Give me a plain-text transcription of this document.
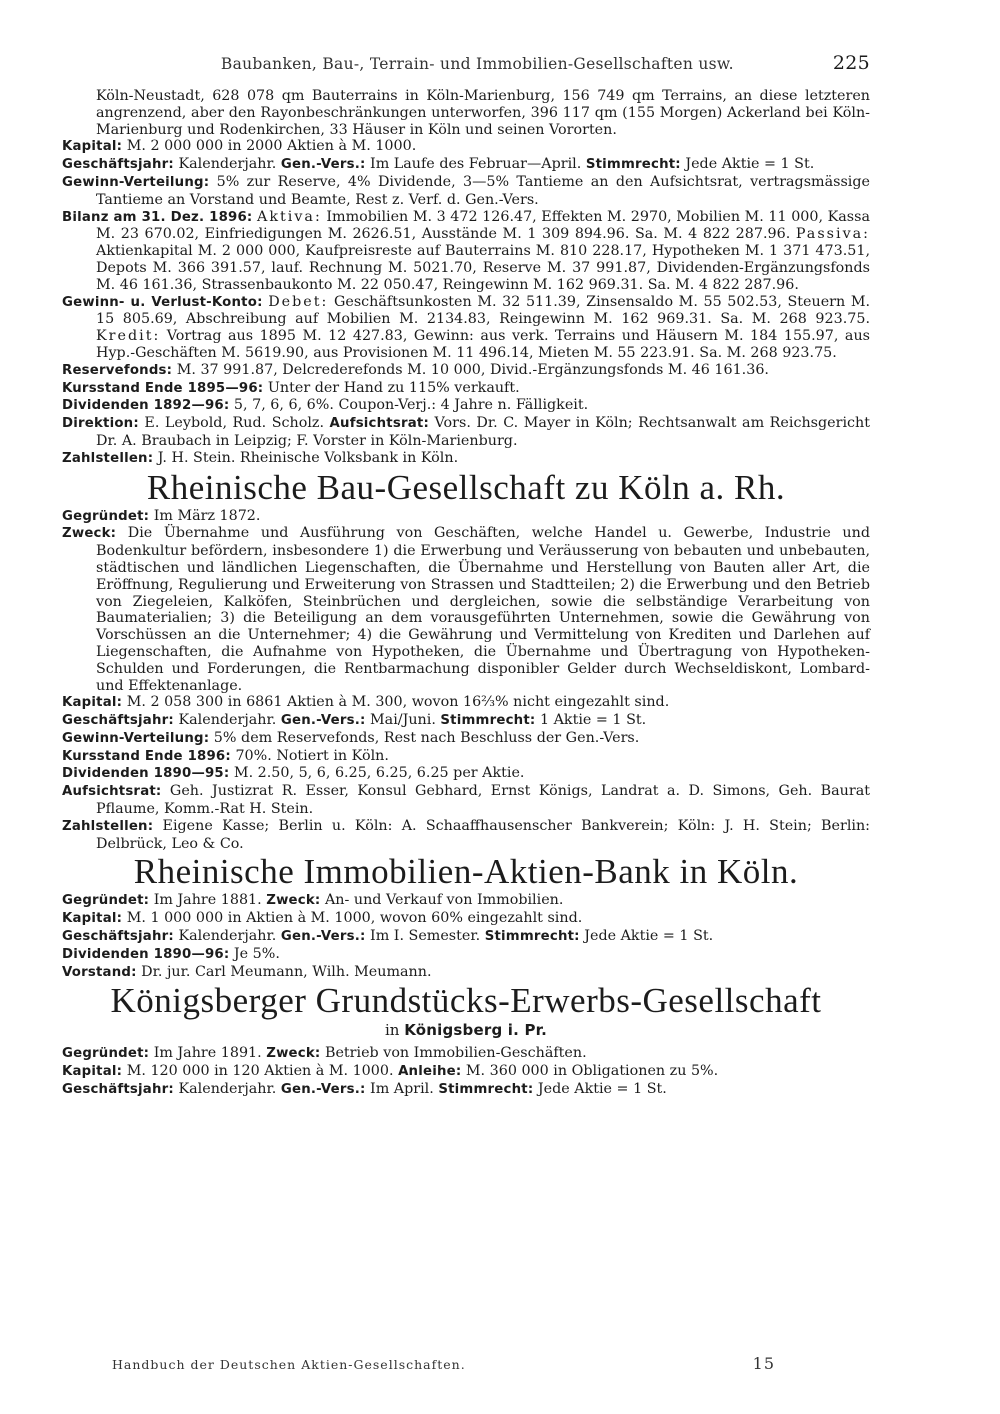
Baubanken, Bau-, Terrain- und Immobilien-Gesellschaften usw.	225

Köln-Neustadt, 628 078 qm Bauterrains in Köln-Marienburg, 156 749 qm Terrains, an diese letzteren angrenzend, aber den Rayonbeschränkungen unterworfen, 396 117 qm (155 Morgen) Ackerland bei Köln-Marienburg und Rodenkirchen, 33 Häuser in Köln und seinen Vororten.

Kapital: M. 2 000 000 in 2000 Aktien à M. 1000.

Geschäftsjahr: Kalenderjahr. Gen.-Vers.: Im Laufe des Februar—April. Stimmrecht: Jede Aktie = 1 St.

Gewinn-Verteilung: 5% zur Reserve, 4% Dividende, 3—5% Tantieme an den Aufsichtsrat, vertragsmässige Tantieme an Vorstand und Beamte, Rest z. Verf. d. Gen.-Vers.

Bilanz am 31. Dez. 1896: Aktiva: Immobilien M. 3 472 126.47, Effekten M. 2970, Mobilien M. 11 000, Kassa M. 23 670.02, Einfriedigungen M. 2626.51, Ausstände M. 1 309 894.96. Sa. M. 4 822 287.96. Passiva: Aktienkapital M. 2 000 000, Kaufpreisreste auf Bauterrains M. 810 228.17, Hypotheken M. 1 371 473.51, Depots M. 366 391.57, lauf. Rechnung M. 5021.70, Reserve M. 37 991.87, Dividenden-Ergänzungsfonds M. 46 161.36, Strassenbaukonto M. 22 050.47, Reingewinn M. 162 969.31. Sa. M. 4 822 287.96.

Gewinn- u. Verlust-Konto: Debet: Geschäftsunkosten M. 32 511.39, Zinsensaldo M. 55 502.53, Steuern M. 15 805.69, Abschreibung auf Mobilien M. 2134.83, Reingewinn M. 162 969.31. Sa. M. 268 923.75. Kredit: Vortrag aus 1895 M. 12 427.83, Gewinn: aus verk. Terrains und Häusern M. 184 155.97, aus Hyp.-Geschäften M. 5619.90, aus Provisionen M. 11 496.14, Mieten M. 55 223.91. Sa. M. 268 923.75.

Reservefonds: M. 37 991.87, Delcrederefonds M. 10 000, Divid.-Ergänzungsfonds M. 46 161.36.

Kursstand Ende 1895—96: Unter der Hand zu 115% verkauft.

Dividenden 1892—96: 5, 7, 6, 6, 6%. Coupon-Verj.: 4 Jahre n. Fälligkeit.

Direktion: E. Leybold, Rud. Scholz. Aufsichtsrat: Vors. Dr. C. Mayer in Köln; Rechtsanwalt am Reichsgericht Dr. A. Braubach in Leipzig; F. Vorster in Köln-Marienburg.

Zahlstellen: J. H. Stein. Rheinische Volksbank in Köln.

Rheinische Bau-Gesellschaft zu Köln a. Rh.

Gegründet: Im März 1872.

Zweck: Die Übernahme und Ausführung von Geschäften, welche Handel u. Gewerbe, Industrie und Bodenkultur befördern, insbesondere 1) die Erwerbung und Veräusserung von bebauten und unbebauten, städtischen und ländlichen Liegenschaften, die Übernahme und Herstellung von Bauten aller Art, die Eröffnung, Regulierung und Erweiterung von Strassen und Stadtteilen; 2) die Erwerbung und den Betrieb von Ziegeleien, Kalköfen, Steinbrüchen und dergleichen, sowie die selbständige Verarbeitung von Baumaterialien; 3) die Beteiligung an dem vorausgeführten Unternehmen, sowie die Gewährung von Vorschüssen an die Unternehmer; 4) die Gewährung und Vermittelung von Krediten und Darlehen auf Liegenschaften, die Aufnahme von Hypotheken, die Übernahme und Übertragung von Hypotheken-Schulden und Forderungen, die Rentbarmachung disponibler Gelder durch Wechseldiskont, Lombard- und Effektenanlage.

Kapital: M. 2 058 300 in 6861 Aktien à M. 300, wovon 16⅔% nicht eingezahlt sind.

Geschäftsjahr: Kalenderjahr. Gen.-Vers.: Mai/Juni. Stimmrecht: 1 Aktie = 1 St.

Gewinn-Verteilung: 5% dem Reservefonds, Rest nach Beschluss der Gen.-Vers.

Kursstand Ende 1896: 70%. Notiert in Köln.

Dividenden 1890—95: M. 2.50, 5, 6, 6.25, 6.25, 6.25 per Aktie.

Aufsichtsrat: Geh. Justizrat R. Esser, Konsul Gebhard, Ernst Königs, Landrat a. D. Simons, Geh. Baurat Pflaume, Komm.-Rat H. Stein.

Zahlstellen: Eigene Kasse; Berlin u. Köln: A. Schaaffhausenscher Bankverein; Köln: J. H. Stein; Berlin: Delbrück, Leo & Co.

Rheinische Immobilien-Aktien-Bank in Köln.

Gegründet: Im Jahre 1881. Zweck: An- und Verkauf von Immobilien.

Kapital: M. 1 000 000 in Aktien à M. 1000, wovon 60% eingezahlt sind.

Geschäftsjahr: Kalenderjahr. Gen.-Vers.: Im I. Semester. Stimmrecht: Jede Aktie = 1 St.

Dividenden 1890—96: Je 5%.

Vorstand: Dr. jur. Carl Meumann, Wilh. Meumann.

Königsberger Grundstücks-Erwerbs-Gesellschaft

in Königsberg i. Pr.

Gegründet: Im Jahre 1891. Zweck: Betrieb von Immobilien-Geschäften.

Kapital: M. 120 000 in 120 Aktien à M. 1000. Anleihe: M. 360 000 in Obligationen zu 5%.

Geschäftsjahr: Kalenderjahr. Gen.-Vers.: Im April. Stimmrecht: Jede Aktie = 1 St.

Handbuch der Deutschen Aktien-Gesellschaften.	15
